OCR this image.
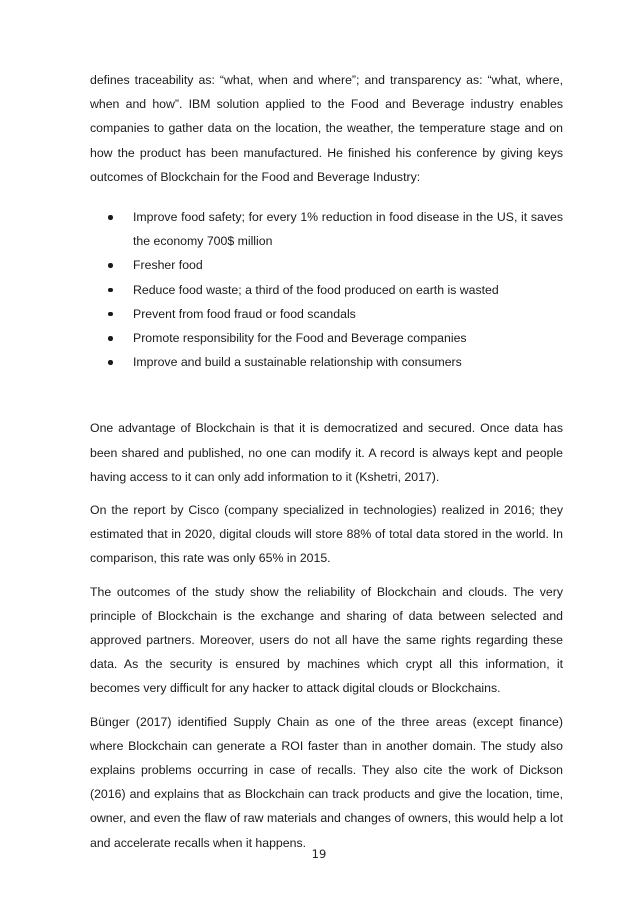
defines traceability as: “what, when and where”; and transparency as: “what, where, when and how”. IBM solution applied to the Food and Beverage industry enables companies to gather data on the location, the weather, the temperature stage and on how the product has been manufactured. He finished his conference by giving keys outcomes of Blockchain for the Food and Beverage Industry:

Improve food safety; for every 1% reduction in food disease in the US, it saves the economy 700$ million
Fresher food
Reduce food waste; a third of the food produced on earth is wasted
Prevent from food fraud or food scandals
Promote responsibility for the Food and Beverage companies
Improve and build a sustainable relationship with consumers

One advantage of Blockchain is that it is democratized and secured. Once data has been shared and published, no one can modify it. A record is always kept and people having access to it can only add information to it (Kshetri, 2017).

On the report by Cisco (company specialized in technologies) realized in 2016; they estimated that in 2020, digital clouds will store 88% of total data stored in the world. In comparison, this rate was only 65% in 2015.

The outcomes of the study show the reliability of Blockchain and clouds. The very principle of Blockchain is the exchange and sharing of data between selected and approved partners. Moreover, users do not all have the same rights regarding these data. As the security is ensured by machines which crypt all this information, it becomes very difficult for any hacker to attack digital clouds or Blockchains.

Bünger (2017) identified Supply Chain as one of the three areas (except finance) where Blockchain can generate a ROI faster than in another domain. The study also explains problems occurring in case of recalls. They also cite the work of Dickson (2016) and explains that as Blockchain can track products and give the location, time, owner, and even the flaw of raw materials and changes of owners, this would help a lot and accelerate recalls when it happens.

19
